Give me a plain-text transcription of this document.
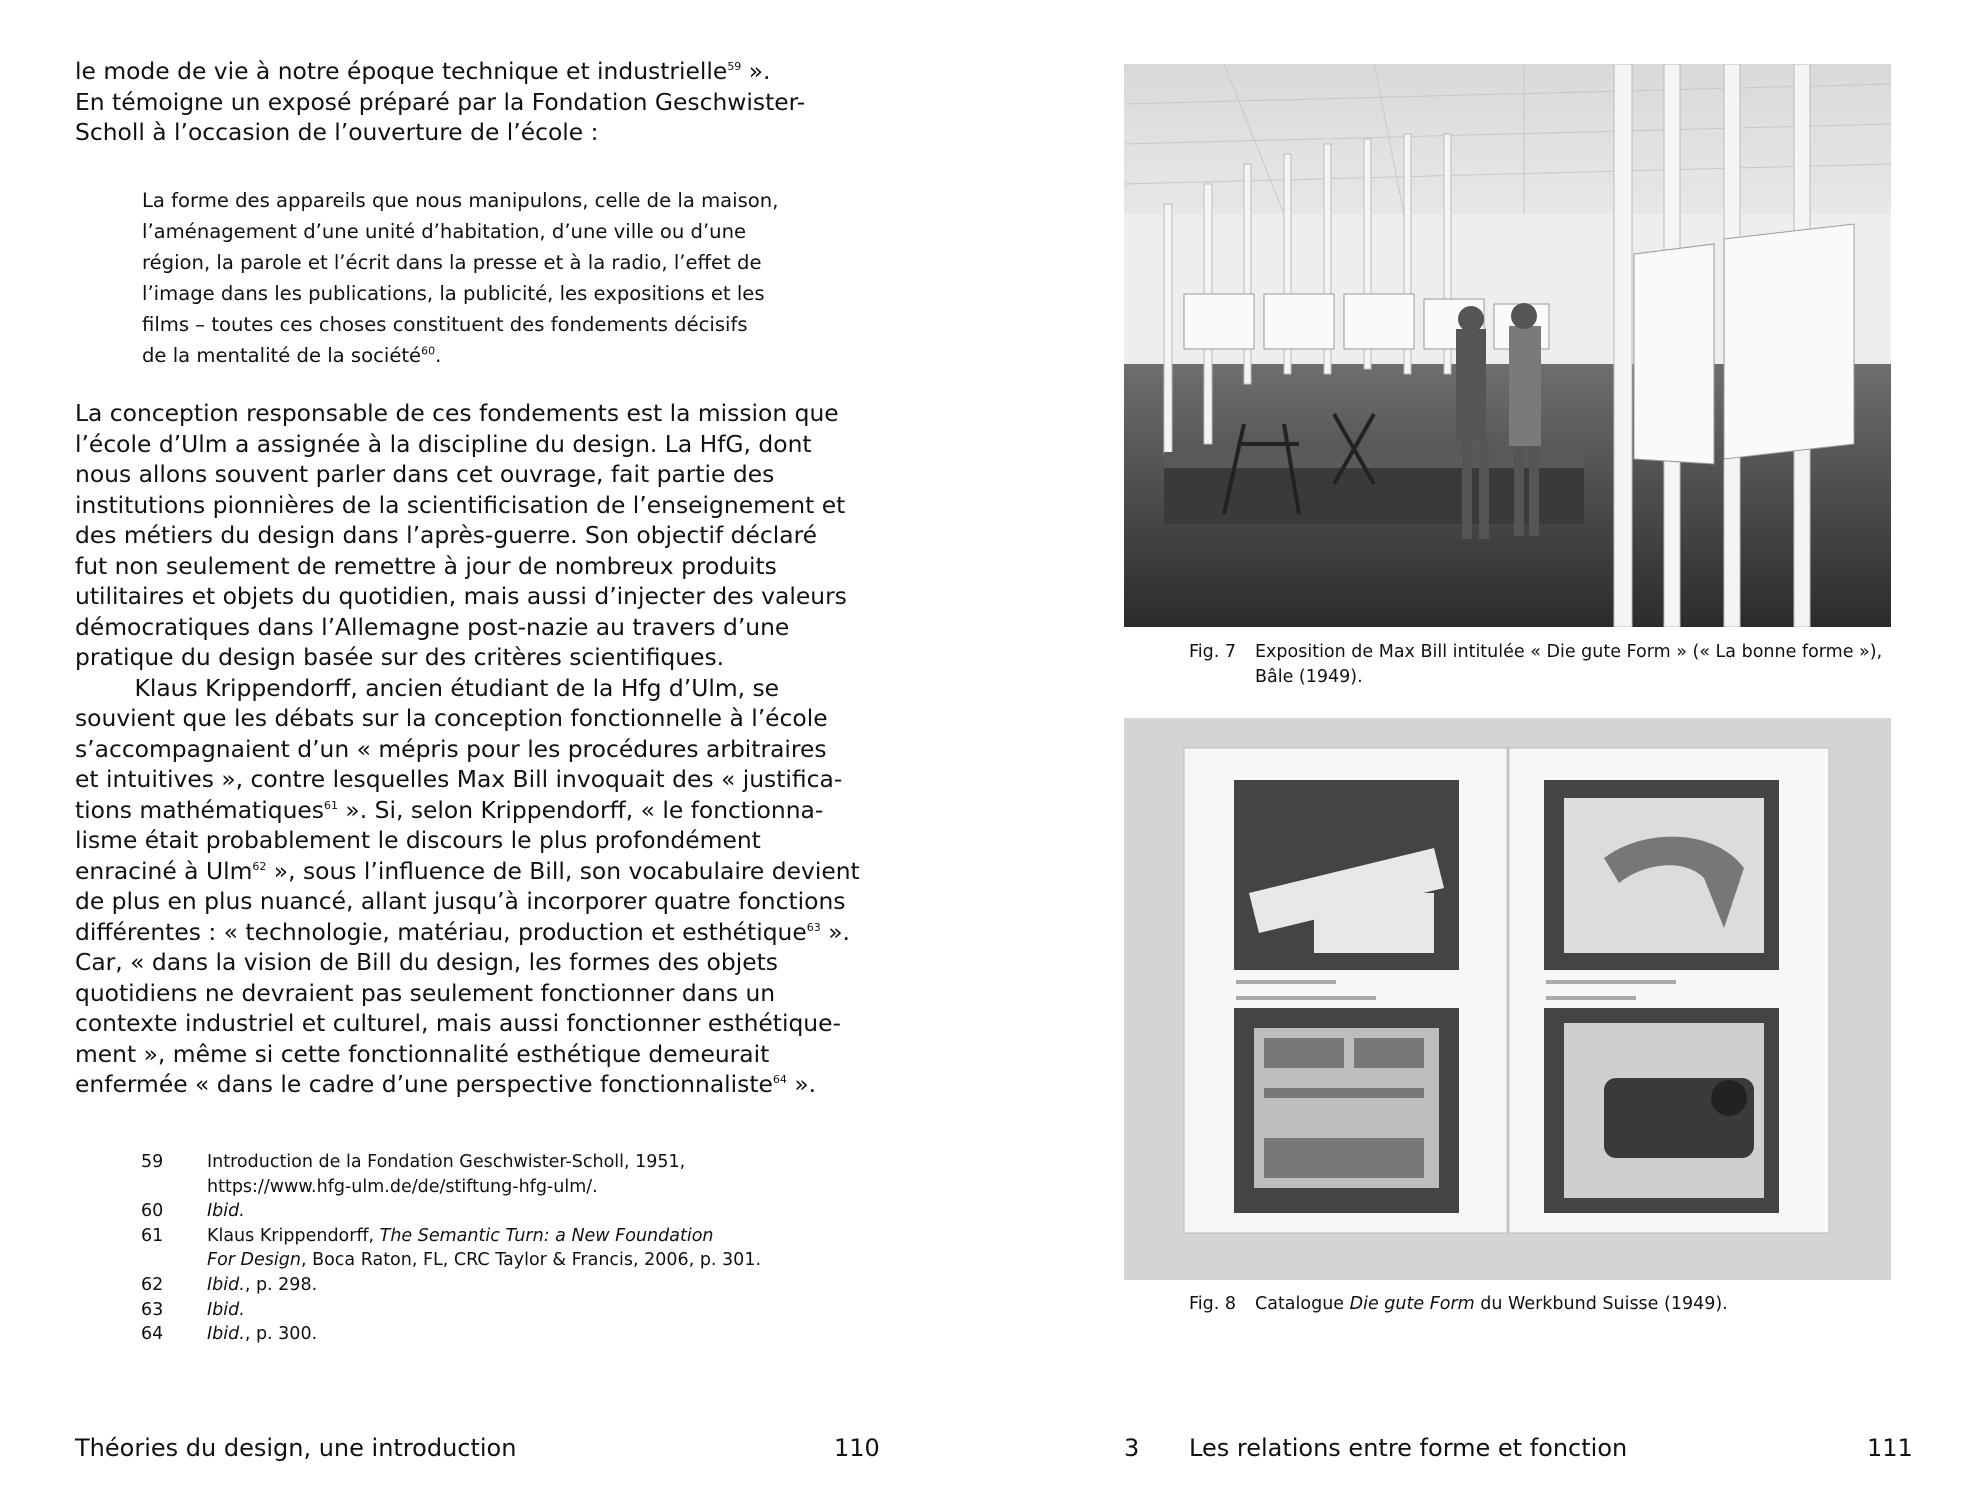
le mode de vie à notre époque technique et industrielle$^{59}$ ».

En témoigne un exposé préparé par la Fondation Geschwister-

Scholl à l’occasion de l’ouverture de l’école :

La forme des appareils que nous manipulons, celle de la maison,

l’aménagement d’une unité d’habitation, d’une ville ou d’une

région, la parole et l’écrit dans la presse et à la radio, l’effet de

l’image dans les publications, la publicité, les expositions et les

films – toutes ces choses constituent des fondements décisifs

de la mentalité de la société$^{60}$.

La conception responsable de ces fondements est la mission que

l’école d’Ulm a assignée à la discipline du design. La HfG, dont

nous allons souvent parler dans cet ouvrage, fait partie des

institutions pionnières de la scientificisation de l’enseignement et

des métiers du design dans l’après-guerre. Son objectif déclaré

fut non seulement de remettre à jour de nombreux produits

utilitaires et objets du quotidien, mais aussi d’injecter des valeurs

démocratiques dans l’Allemagne post-nazie au travers d’une

pratique du design basée sur des critères scientifiques.

Klaus Krippendorff, ancien étudiant de la Hfg d’Ulm, se

souvient que les débats sur la conception fonctionnelle à l’école

s’accompagnaient d’un « mépris pour les procédures arbitraires

et intuitives », contre lesquelles Max Bill invoquait des « justifica-

tions mathématiques$^{61}$ ». Si, selon Krippendorff, « le fonctionna-

lisme était probablement le discours le plus profondément

enraciné à Ulm$^{62}$ », sous l’influence de Bill, son vocabulaire devient

de plus en plus nuancé, allant jusqu’à incorporer quatre fonctions

différentes : « technologie, matériau, production et esthétique$^{63}$ ».

Car, « dans la vision de Bill du design, les formes des objets

quotidiens ne devraient pas seulement fonctionner dans un

contexte industriel et culturel, mais aussi fonctionner esthétique-

ment », même si cette fonctionnalité esthétique demeurait

enfermée « dans le cadre d’une perspective fonctionnaliste$^{64}$ ».

59	Introduction de la Fondation Geschwister-Scholl, 1951,
https://www.hfg-ulm.de/de/stiftung-hfg-ulm/.
60	Ibid.
61	Klaus Krippendorff, The Semantic Turn: a New Foundation
For Design, Boca Raton, FL, CRC Taylor & Francis, 2006, p. 301.
62	Ibid., p. 298.
63	Ibid.
64	Ibid., p. 300.
Théories du design, une introduction	110
Fig. 7 Exposition de Max Bill intitulée « Die gute Form » (« La bonne forme »),
Bâle (1949).
Fig. 8 Catalogue Die gute Form du Werkbund Suisse (1949).
3 Les relations entre forme et fonction	111
